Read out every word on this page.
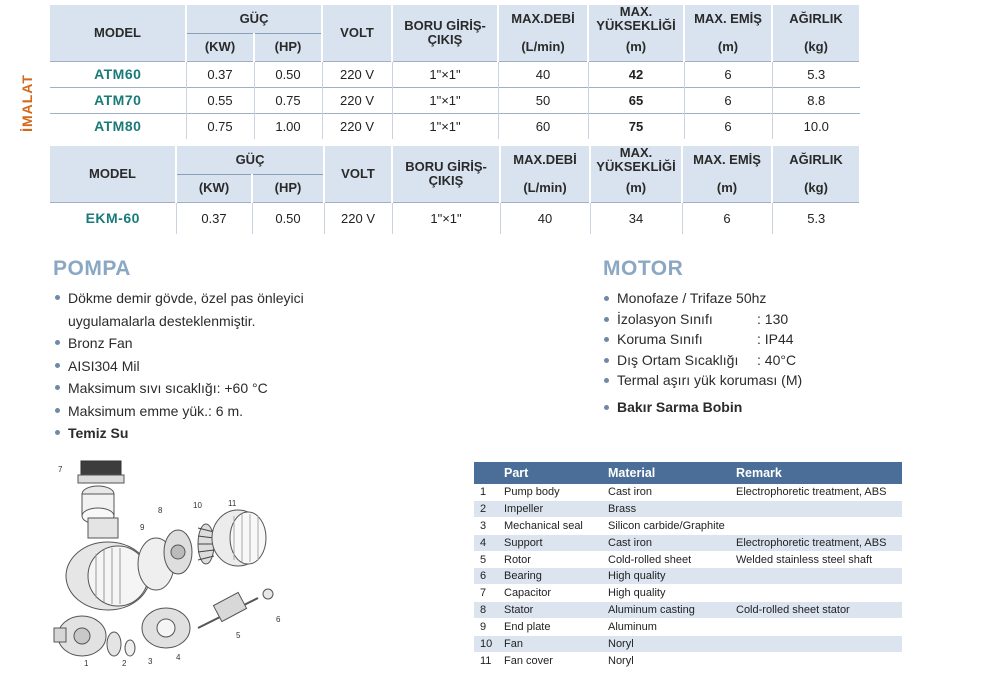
İMALAT
MODEL	GÜÇ		VOLT	BORU GİRİŞ-ÇIKIŞ	MAX.DEBİ	MAX. YÜKSEKLİĞİ	MAX. EMİŞ	AĞIRLIK
	(KW)	(HP)			(L/min)	(m)	(m)	(kg)
ATM60	0.37	0.50	220 V	1"×1"	40	42	6	5.3
ATM70	0.55	0.75	220 V	1"×1"	50	65	6	8.8
ATM80	0.75	1.00	220 V	1"×1"	60	75	6	10.0
MODEL	GÜÇ		VOLT	BORU GİRİŞ-ÇIKIŞ	MAX.DEBİ	MAX. YÜKSEKLİĞİ	MAX. EMİŞ	AĞIRLIK
	(KW)	(HP)			(L/min)	(m)	(m)	(kg)
EKM-60	0.37	0.50	220 V	1"×1"	40	34	6	5.3
POMPA
Dökme demir gövde, özel pas önleyici
uygulamalarla desteklenmiştir.
Bronz Fan
AISI304 Mil
Maksimum sıvı sıcaklığı: +60 °C
Maksimum emme yük.: 6 m.
Temiz Su
MOTOR
Monofaze / Trifaze 50hz
İzolasyon Sınıfı	: 130
Koruma Sınıfı	: IP44
Dış Ortam Sıcaklığı : 40°C
Termal aşırı yük koruması (M)
Bakır Sarma Bobin
7
8
10	11
9
1	2	3	4
5
6
	Part	Material	Remark
1	Pump body	Cast iron	Electrophoretic treatment, ABS
2	Impeller	Brass	
3	Mechanical seal	Silicon carbide/Graphite	
4	Support	Cast iron	Electrophoretic treatment, ABS
5	Rotor	Cold-rolled sheet	Welded stainless steel shaft
6	Bearing	High quality	
7	Capacitor	High quality	
8	Stator	Aluminum casting	Cold-rolled sheet stator
9	End plate	Aluminum	
10	Fan	Noryl	
11	Fan cover	Noryl	
